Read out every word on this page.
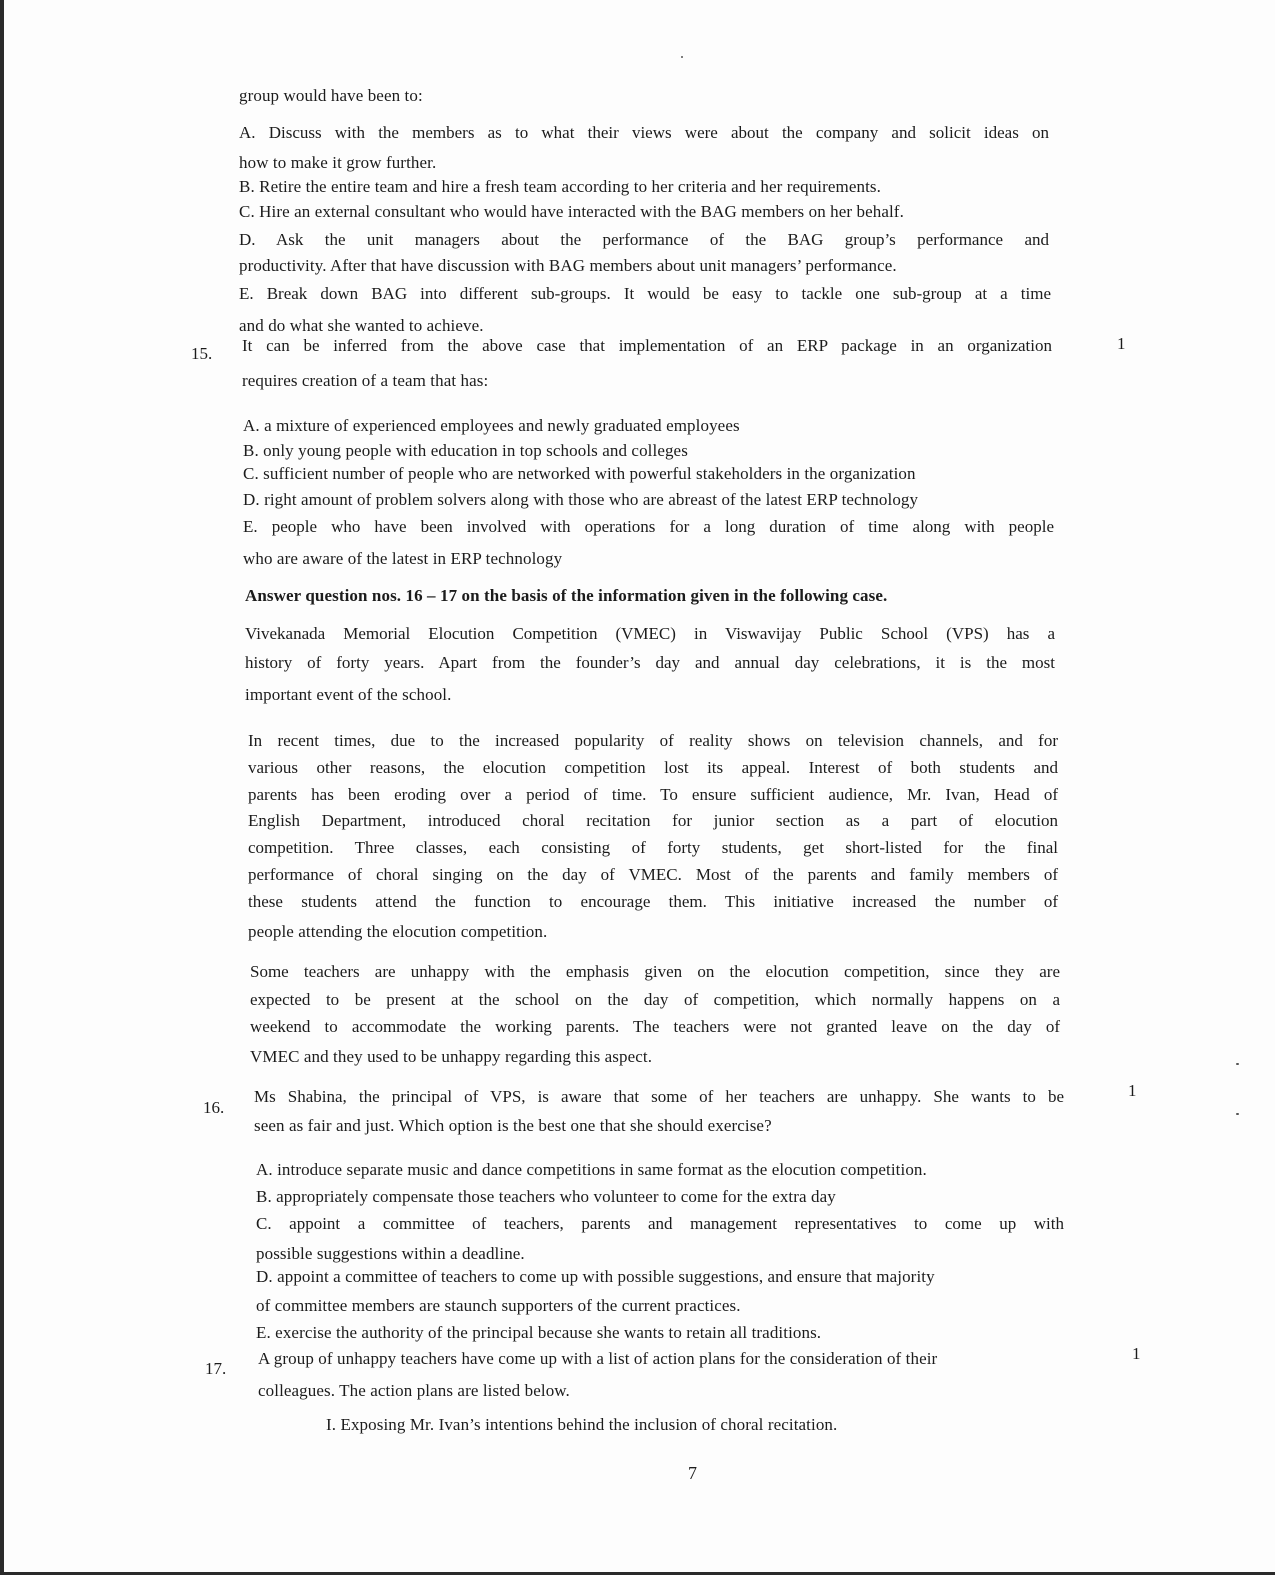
group would have been to:
A. Discuss with the members as to what their views were about the company and solicit ideas on
how to make it grow further.
B. Retire the entire team and hire a fresh team according to her criteria and her requirements.
C. Hire an external consultant who would have interacted with the BAG members on her behalf.
D. Ask the unit managers about the performance of the BAG group’s performance and
productivity. After that have discussion with BAG members about unit managers’ performance.
E. Break down BAG into different sub-groups. It would be easy to tackle one sub-group at a time
and do what she wanted to achieve.
15. It can be inferred from the above case that implementation of an ERP package in an organization	1
requires creation of a team that has:
A. a mixture of experienced employees and newly graduated employees
B. only young people with education in top schools and colleges
C. sufficient number of people who are networked with powerful stakeholders in the organization
D. right amount of problem solvers along with those who are abreast of the latest ERP technology
E. people who have been involved with operations for a long duration of time along with people
who are aware of the latest in ERP technology
Answer question nos. 16 – 17 on the basis of the information given in the following case.
Vivekanada Memorial Elocution Competition (VMEC) in Viswavijay Public School (VPS) has a
history of forty years. Apart from the founder’s day and annual day celebrations, it is the most
important event of the school.
In recent times, due to the increased popularity of reality shows on television channels, and for
various other reasons, the elocution competition lost its appeal. Interest of both students and
parents has been eroding over a period of time. To ensure sufficient audience, Mr. Ivan, Head of
English Department, introduced choral recitation for junior section as a part of elocution
competition. Three classes, each consisting of forty students, get short-listed for the final
performance of choral singing on the day of VMEC. Most of the parents and family members of
these students attend the function to encourage them. This initiative increased the number of
people attending the elocution competition.
Some teachers are unhappy with the emphasis given on the elocution competition, since they are
expected to be present at the school on the day of competition, which normally happens on a
weekend to accommodate the working parents. The teachers were not granted leave on the day of
VMEC and they used to be unhappy regarding this aspect.
16.
Ms Shabina, the principal of VPS, is aware that some of her teachers are unhappy. She wants to be	1
seen as fair and just. Which option is the best one that she should exercise?
A. introduce separate music and dance competitions in same format as the elocution competition.
B. appropriately compensate those teachers who volunteer to come for the extra day
C. appoint a committee of teachers, parents and management representatives to come up with
possible suggestions within a deadline.
D. appoint a committee of teachers to come up with possible suggestions, and ensure that majority
of committee members are staunch supporters of the current practices.
E. exercise the authority of the principal because she wants to retain all traditions.
17.
A group of unhappy teachers have come up with a list of action plans for the consideration of their	1
colleagues. The action plans are listed below.
I. Exposing Mr. Ivan’s intentions behind the inclusion of choral recitation.
7
